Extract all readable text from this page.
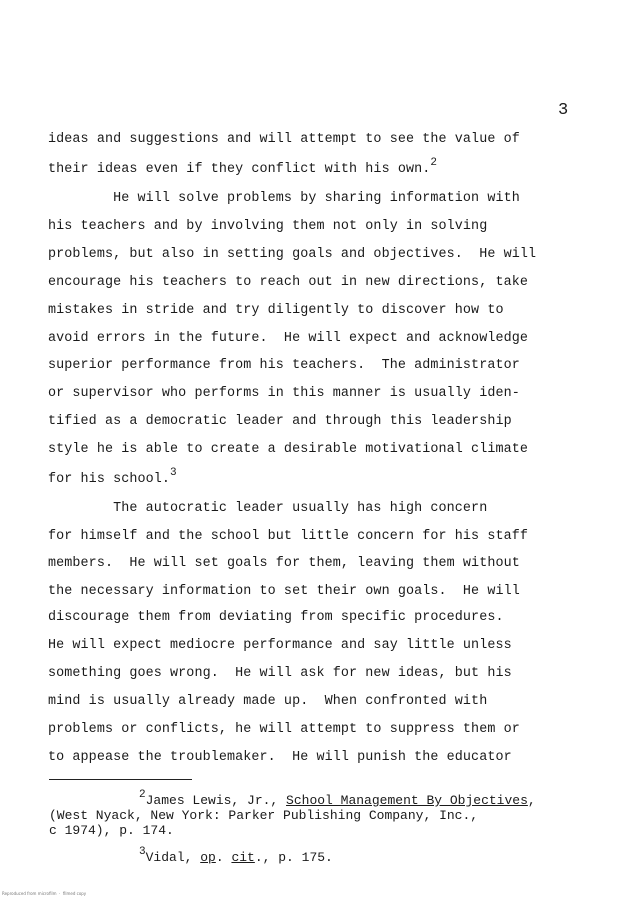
3
ideas and suggestions and will attempt to see the value of
their ideas even if they conflict with his own.$^2$
He will solve problems by sharing information with
his teachers and by involving them not only in solving
problems, but also in setting goals and objectives.  He will
encourage his teachers to reach out in new directions, take
mistakes in stride and try diligently to discover how to
avoid errors in the future.  He will expect and acknowledge
superior performance from his teachers.  The administrator
or supervisor who performs in this manner is usually iden-
tified as a democratic leader and through this leadership
style he is able to create a desirable motivational climate
for his school.$^3$
The autocratic leader usually has high concern
for himself and the school but little concern for his staff
members.  He will set goals for them, leaving them without
the necessary information to set their own goals.  He will
discourage them from deviating from specific procedures.
He will expect mediocre performance and say little unless
something goes wrong.  He will ask for new ideas, but his
mind is usually already made up.  When confronted with
problems or conflicts, he will attempt to suppress them or
to appease the troublemaker.  He will punish the educator
$^2$James Lewis, Jr., School Management By Objectives,
(West Nyack, New York: Parker Publishing Company, Inc.,
c 1974), p. 174.
$^3$Vidal, op. cit., p. 175.
Reproduced from microfilm  ·  filmed copy
